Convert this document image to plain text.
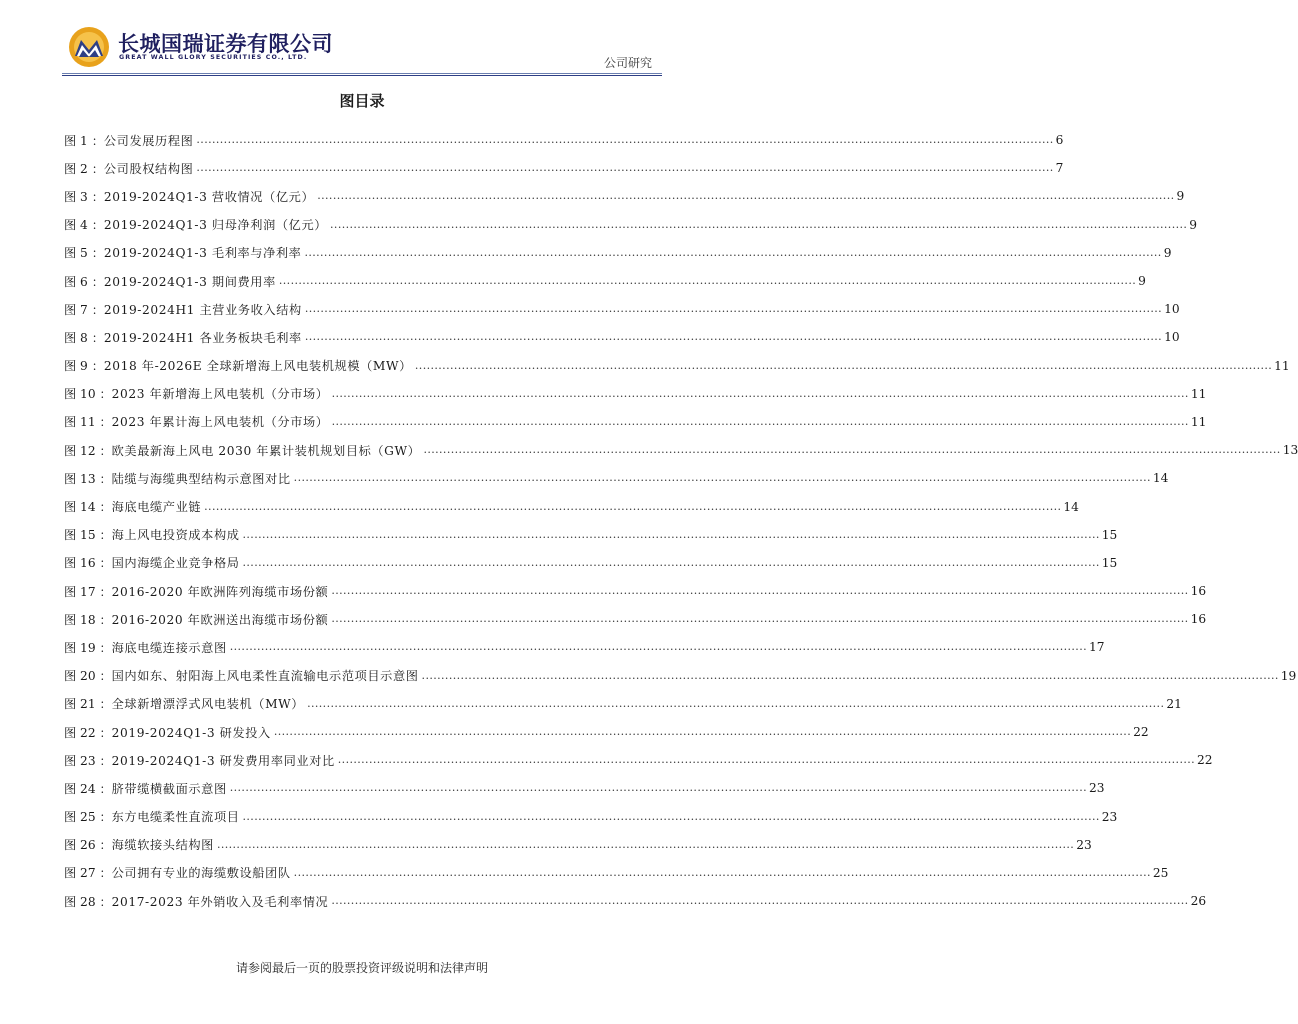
长城国瑞证券有限公司
GREAT WALL GLORY SECURITIES CO., LTD.	公司研究
图目录
图 1 ： 公司发展历程图 ............................................................................................................................................................................................................................ 6
图 2 ： 公司股权结构图 ............................................................................................................................................................................................................................ 7
图 3 ： 2019-2024Q1-3 营收情况（亿元） ............................................................................................................................................................................................................................ 9
图 4 ： 2019-2024Q1-3 归母净利润（亿元） ............................................................................................................................................................................................................................ 9
图 5 ： 2019-2024Q1-3 毛利率与净利率 ............................................................................................................................................................................................................................ 9
图 6 ： 2019-2024Q1-3 期间费用率 ............................................................................................................................................................................................................................ 9
图 7 ： 2019-2024H1 主营业务收入结构 ............................................................................................................................................................................................................................ 10
图 8 ： 2019-2024H1 各业务板块毛利率 ............................................................................................................................................................................................................................ 10
图 9 ： 2018 年-2026E 全球新增海上风电装机规模（MW） ............................................................................................................................................................................................................................ 11
图 10 ： 2023 年新增海上风电装机（分市场） ............................................................................................................................................................................................................................ 11
图 11 ： 2023 年累计海上风电装机（分市场） ............................................................................................................................................................................................................................ 11
图 12 ： 欧美最新海上风电 2030 年累计装机规划目标（GW） ............................................................................................................................................................................................................................ 13
图 13 ： 陆缆与海缆典型结构示意图对比 ............................................................................................................................................................................................................................ 14
图 14 ： 海底电缆产业链 ............................................................................................................................................................................................................................ 14
图 15 ： 海上风电投资成本构成 ............................................................................................................................................................................................................................ 15
图 16 ： 国内海缆企业竞争格局 ............................................................................................................................................................................................................................ 15
图 17 ： 2016-2020 年欧洲阵列海缆市场份额 ............................................................................................................................................................................................................................ 16
图 18 ： 2016-2020 年欧洲送出海缆市场份额 ............................................................................................................................................................................................................................ 16
图 19 ： 海底电缆连接示意图 ............................................................................................................................................................................................................................ 17
图 20 ： 国内如东、射阳海上风电柔性直流输电示范项目示意图 ............................................................................................................................................................................................................................ 19
图 21 ： 全球新增漂浮式风电装机（MW） ............................................................................................................................................................................................................................ 21
图 22 ： 2019-2024Q1-3 研发投入 ............................................................................................................................................................................................................................ 22
图 23 ： 2019-2024Q1-3 研发费用率同业对比 ............................................................................................................................................................................................................................ 22
图 24 ： 脐带缆横截面示意图 ............................................................................................................................................................................................................................ 23
图 25 ： 东方电缆柔性直流项目 ............................................................................................................................................................................................................................ 23
图 26 ： 海缆软接头结构图 ............................................................................................................................................................................................................................ 23
图 27 ： 公司拥有专业的海缆敷设船团队 ............................................................................................................................................................................................................................ 25
图 28 ： 2017-2023 年外销收入及毛利率情况 ............................................................................................................................................................................................................................ 26
请参阅最后一页的股票投资评级说明和法律声明
